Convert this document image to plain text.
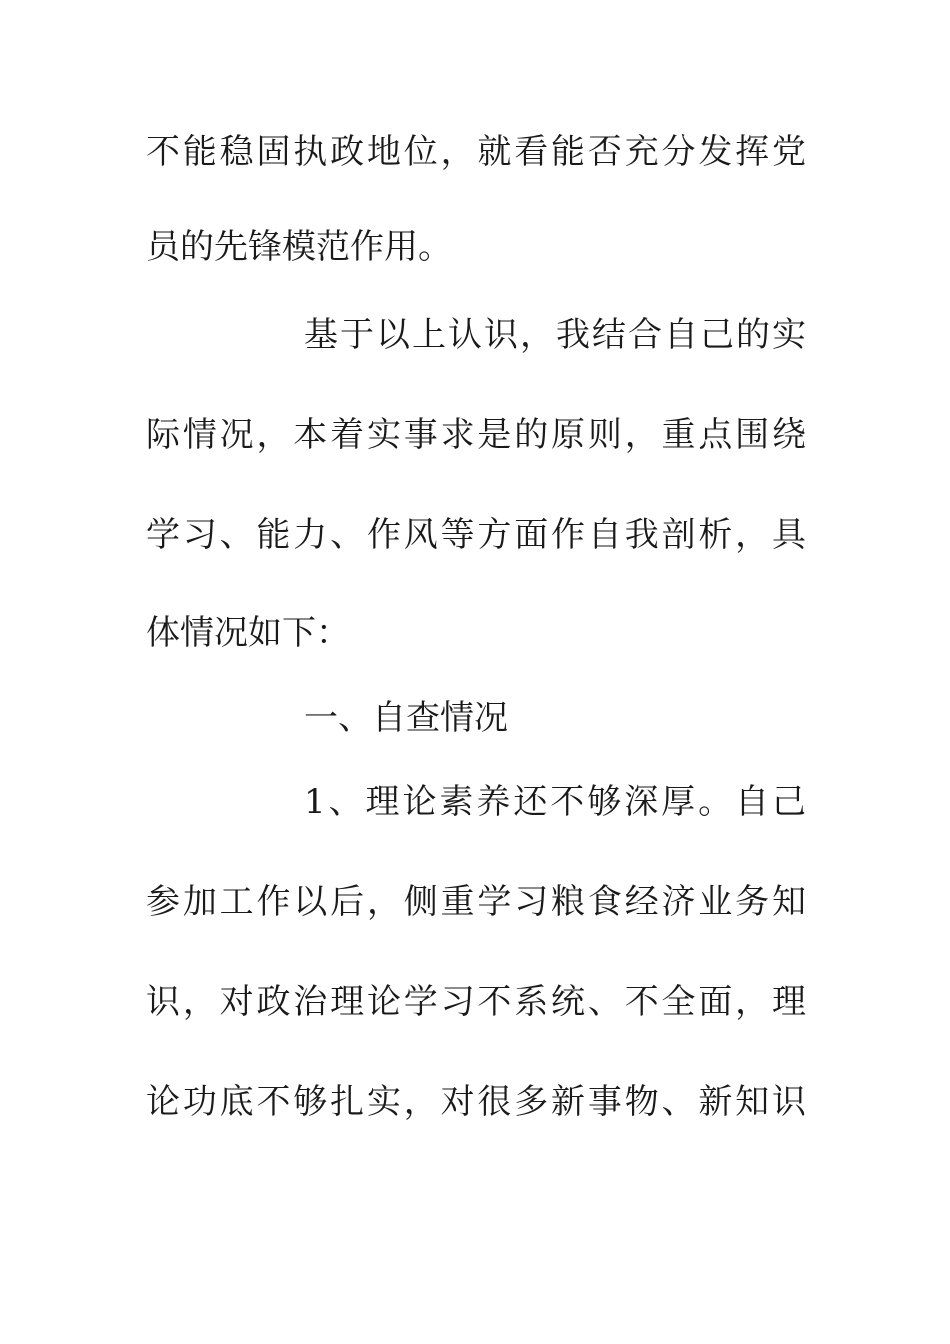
不能稳固执政地位，就看能否充分发挥党
员的先锋模范作用。
基于以上认识，我结合自己的实
际情况，本着实事求是的原则，重点围绕
学习、能力、作风等方面作自我剖析，具
体情况如下：
一、自查情况
1、理论素养还不够深厚。自己
参加工作以后，侧重学习粮食经济业务知
识，对政治理论学习不系统、不全面，理
论功底不够扎实，对很多新事物、新知识
